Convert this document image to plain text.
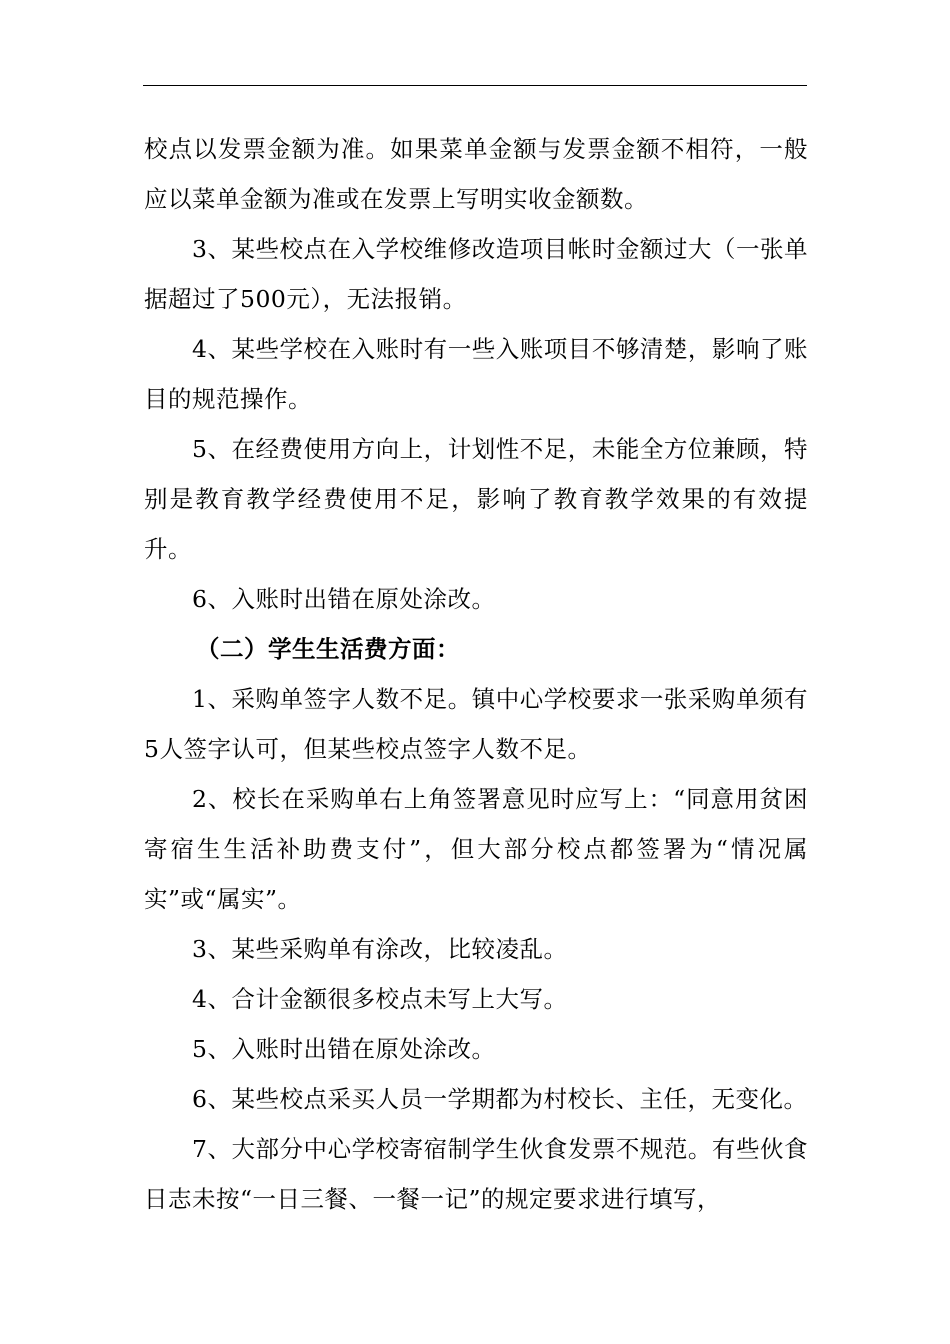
校点以发票金额为准。如果菜单金额与发票金额不相符，一般应以菜单金额为准或在发票上写明实收金额数。

3、某些校点在入学校维修改造项目帐时金额过大（一张单据超过了500元），无法报销。

4、某些学校在入账时有一些入账项目不够清楚，影响了账目的规范操作。

5、在经费使用方向上，计划性不足，未能全方位兼顾，特别是教育教学经费使用不足，影响了教育教学效果的有效提升。

6、入账时出错在原处涂改。

（二）学生生活费方面：

1、采购单签字人数不足。镇中心学校要求一张采购单须有5人签字认可，但某些校点签字人数不足。

2、校长在采购单右上角签署意见时应写上：“同意用贫困寄宿生生活补助费支付”，但大部分校点都签署为“情况属实”或“属实”。

3、某些采购单有涂改，比较凌乱。

4、合计金额很多校点未写上大写。

5、入账时出错在原处涂改。

6、某些校点采买人员一学期都为村校长、主任，无变化。

7、大部分中心学校寄宿制学生伙食发票不规范。有些伙食日志未按“一日三餐、一餐一记”的规定要求进行填写，
